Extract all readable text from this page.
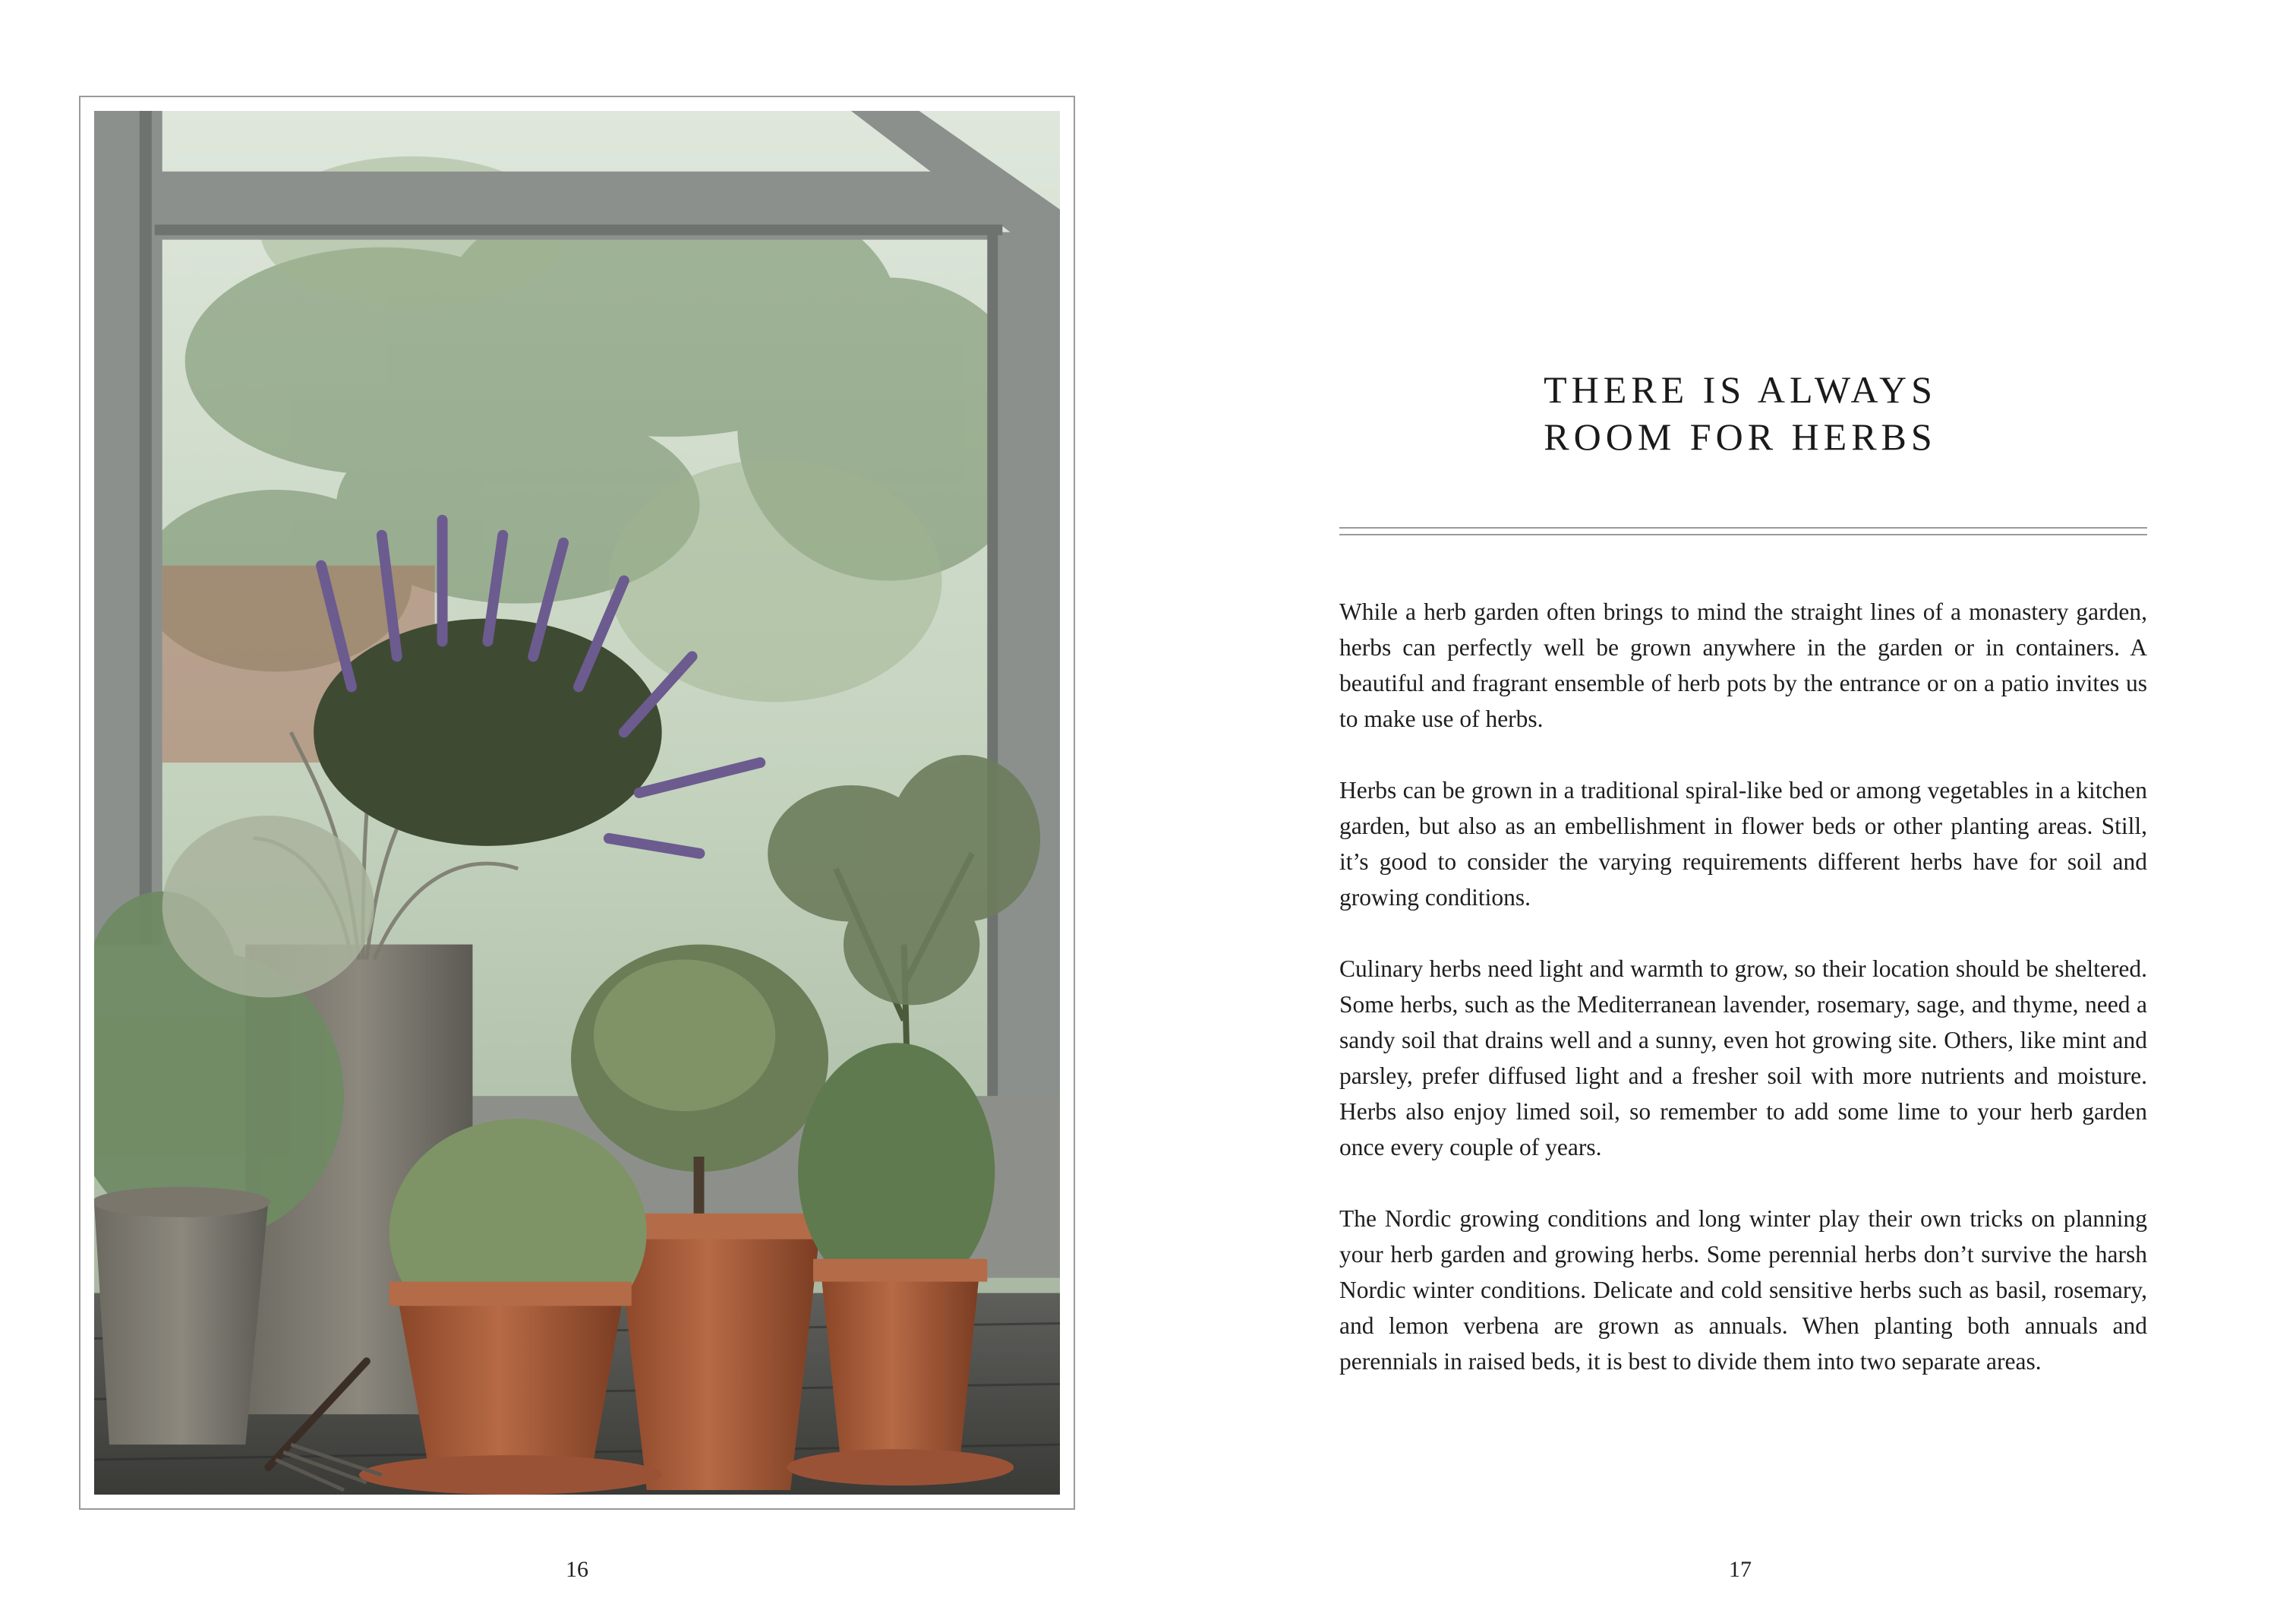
16
THERE IS ALWAYS
ROOM FOR HERBS

While a herb garden often brings to mind the straight lines of a monastery garden, herbs can perfectly well be grown anywhere in the garden or in containers. A beautiful and fragrant ensemble of herb pots by the entrance or on a patio invites us to make use of herbs.

Herbs can be grown in a traditional spiral-like bed or among vegetables in a kitchen garden, but also as an embellishment in flower beds or other planting areas. Still, it’s good to consider the varying requirements different herbs have for soil and growing conditions.

Culinary herbs need light and warmth to grow, so their location should be sheltered. Some herbs, such as the Mediterranean lavender, rosemary, sage, and thyme, need a sandy soil that drains well and a sunny, even hot growing site. Others, like mint and parsley, prefer diffused light and a fresher soil with more nutrients and moisture. Herbs also enjoy limed soil, so remember to add some lime to your herb garden once every couple of years.

The Nordic growing conditions and long winter play their own tricks on planning your herb garden and growing herbs. Some perennial herbs don’t survive the harsh Nordic winter conditions. Delicate and cold sensitive herbs such as basil, rosemary, and lemon verbena are grown as annuals. When planting both annuals and perennials in raised beds, it is best to divide them into two separate areas.

17
